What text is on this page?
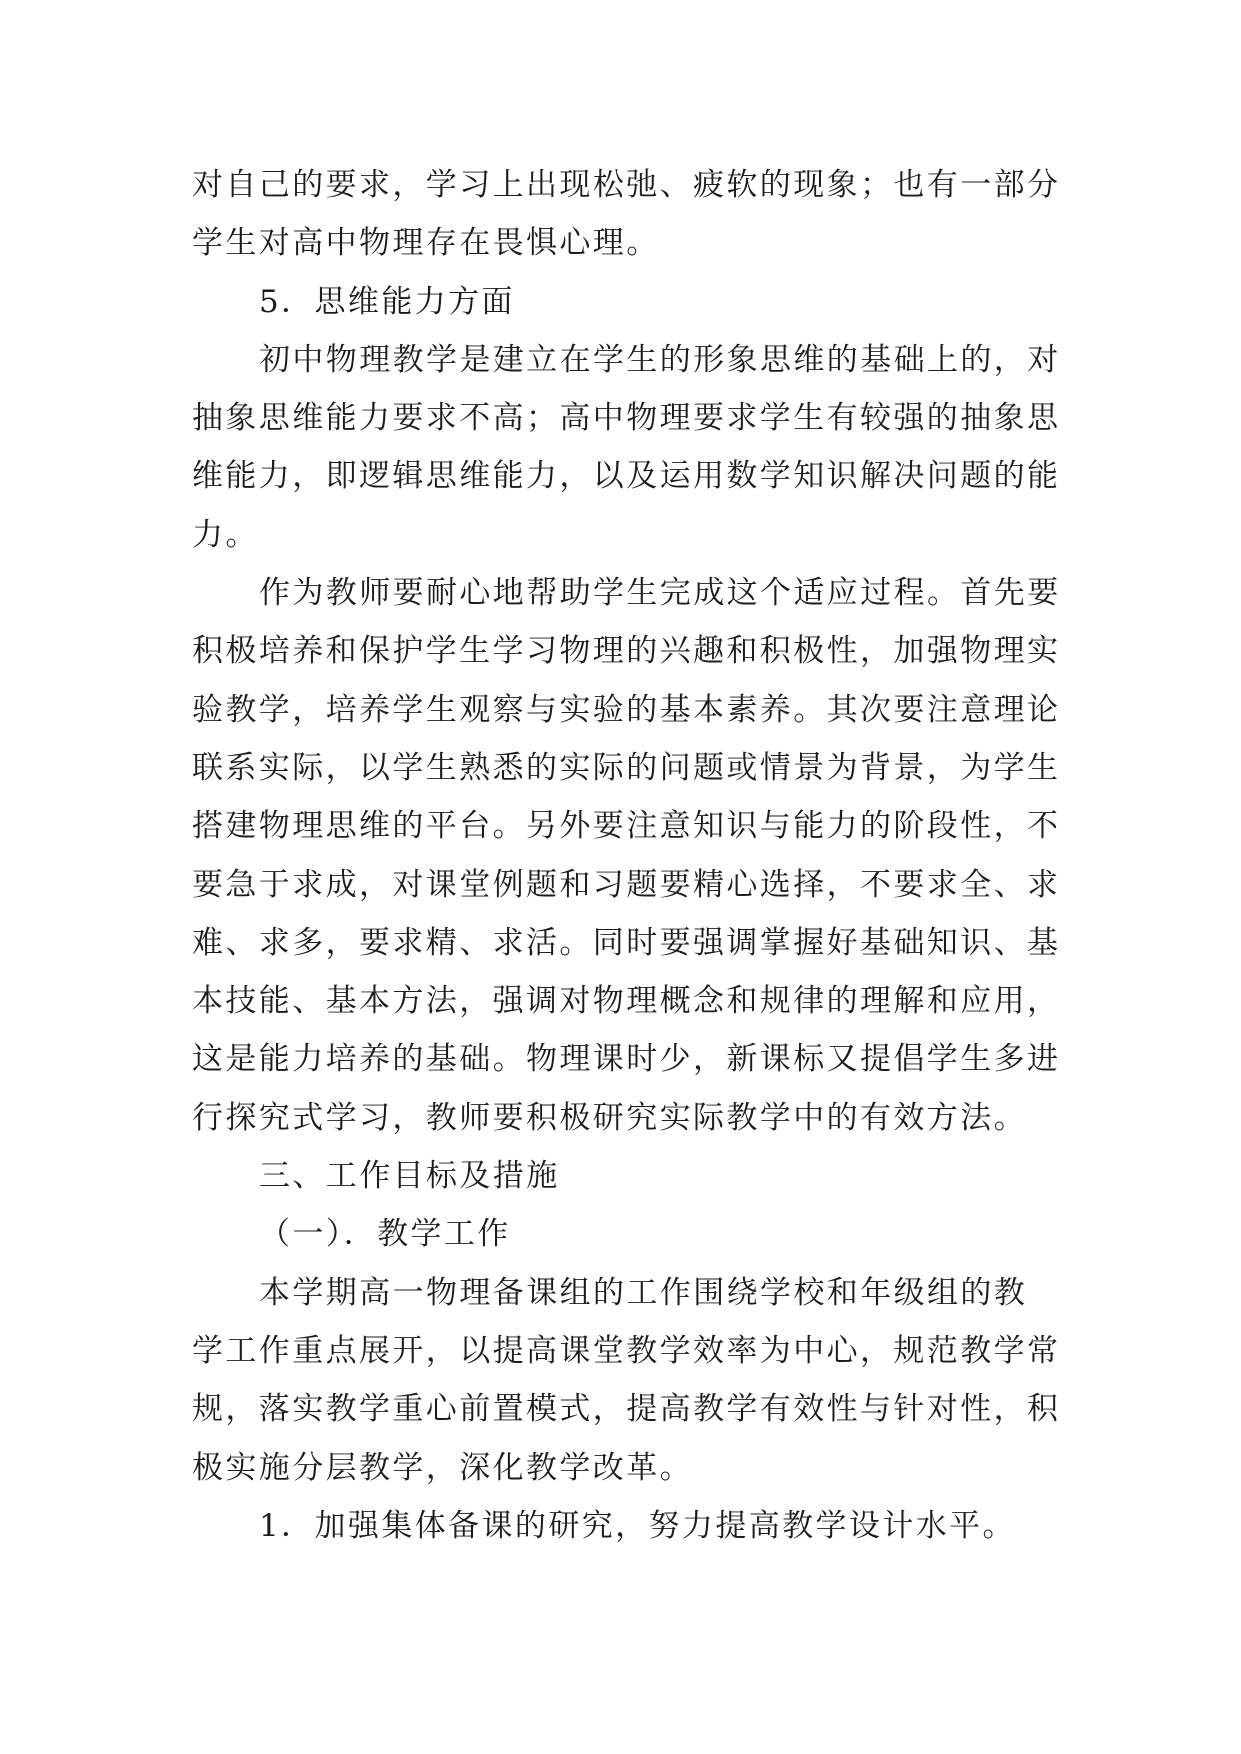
对自己的要求，学习上出现松弛、疲软的现象；也有一部分
学生对高中物理存在畏惧心理。
5．思维能力方面
初中物理教学是建立在学生的形象思维的基础上的，对
抽象思维能力要求不高；高中物理要求学生有较强的抽象思
维能力，即逻辑思维能力，以及运用数学知识解决问题的能
力。
作为教师要耐心地帮助学生完成这个适应过程。首先要
积极培养和保护学生学习物理的兴趣和积极性，加强物理实
验教学，培养学生观察与实验的基本素养。其次要注意理论
联系实际，以学生熟悉的实际的问题或情景为背景，为学生
搭建物理思维的平台。另外要注意知识与能力的阶段性，不
要急于求成，对课堂例题和习题要精心选择，不要求全、求
难、求多，要求精、求活。同时要强调掌握好基础知识、基
本技能、基本方法，强调对物理概念和规律的理解和应用，
这是能力培养的基础。物理课时少，新课标又提倡学生多进
行探究式学习，教师要积极研究实际教学中的有效方法。
三、工作目标及措施
（一）．教学工作
本学期高一物理备课组的工作围绕学校和年级组的教
学工作重点展开，以提高课堂教学效率为中心，规范教学常
规，落实教学重心前置模式，提高教学有效性与针对性，积
极实施分层教学，深化教学改革。
1．加强集体备课的研究，努力提高教学设计水平。
